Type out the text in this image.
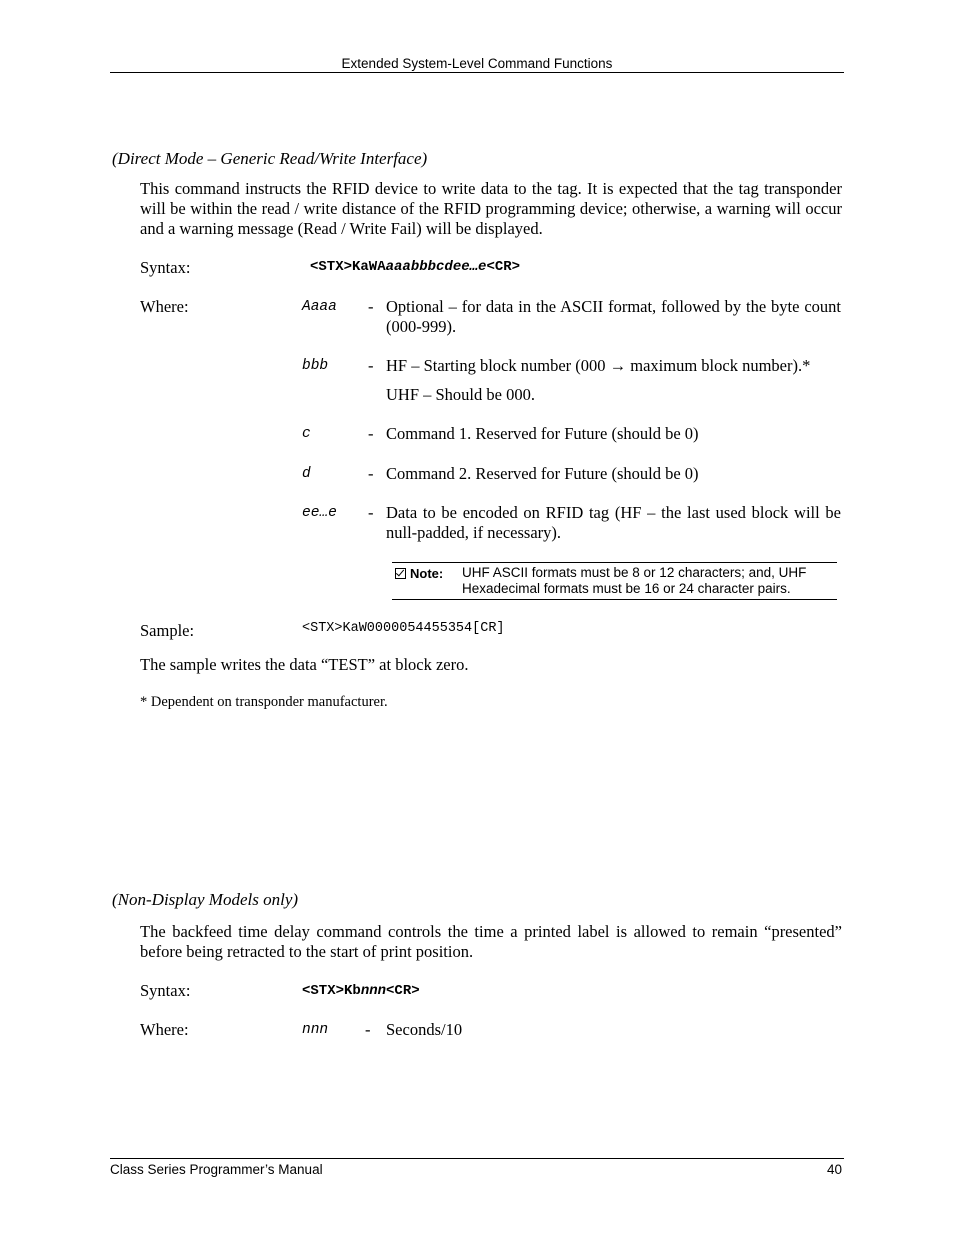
Extended System-Level Command Functions
(Direct Mode – Generic Read/Write Interface)
This command instructs the RFID device to write data to the tag. It is expected that the tag transponder will be within the read / write distance of the RFID programming device; otherwise, a warning will occur and a warning message (Read / Write Fail) will be displayed.
Syntax:	<STX>KaWAaaabbbcdee…e<CR>
Where:	Aaaa - Optional – for data in the ASCII format, followed by the byte count (000-999).
bbb - HF – Starting block number (000 → maximum block number).*
UHF – Should be 000.
c	- Command 1. Reserved for Future (should be 0)
d	- Command 2. Reserved for Future (should be 0)
ee…e - Data to be encoded on RFID tag (HF – the last used block will be null-padded, if necessary).
Note: UHF ASCII formats must be 8 or 12 characters; and, UHF Hexadecimal formats must be 16 or 24 character pairs.
Sample:	<STX>KaW0000054455354[CR]
The sample writes the data “TEST” at block zero.
* Dependent on transponder manufacturer.
(Non-Display Models only)
The backfeed time delay command controls the time a printed label is allowed to remain “presented” before being retracted to the start of print position.
Syntax:	<STX>Kbnnn<CR>
Where:	nnn - Seconds/10
Class Series Programmer’s Manual	40
